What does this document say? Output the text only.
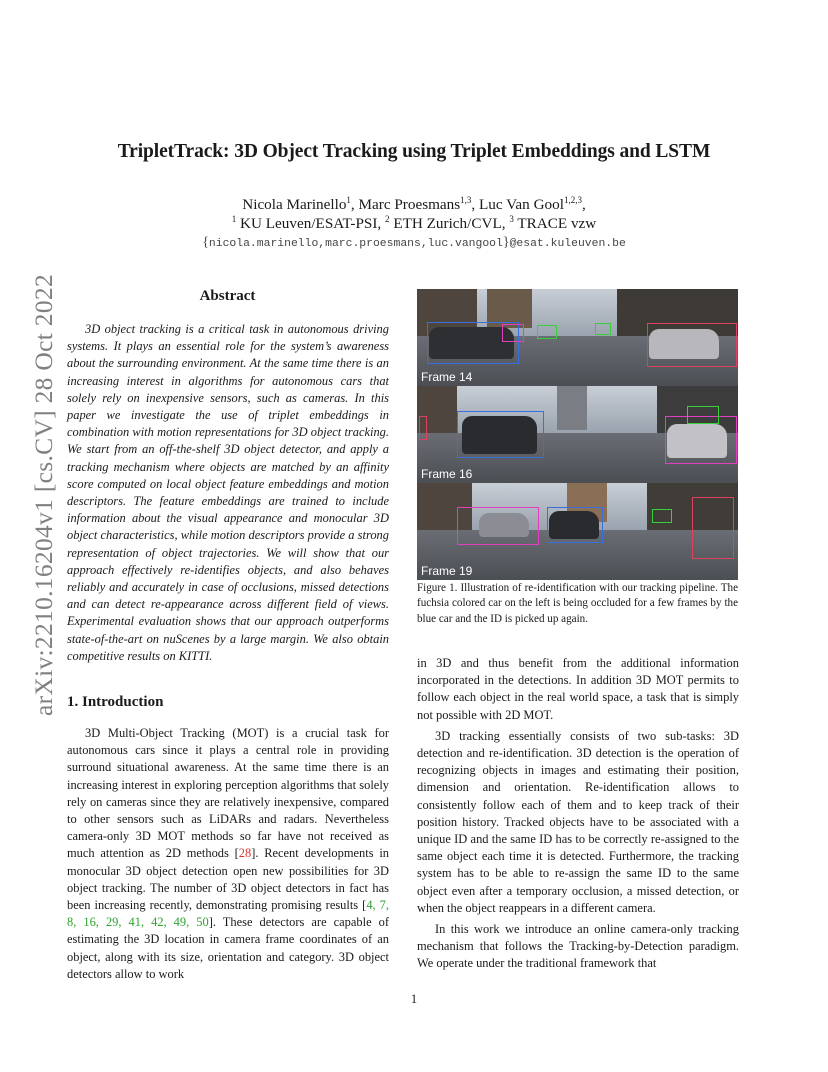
TripletTrack: 3D Object Tracking using Triplet Embeddings and LSTM
Nicola Marinello$^1$, Marc Proesmans$^{1,3}$, Luc Van Gool$^{1,2,3}$,
$^1$ KU Leuven/ESAT-PSI, $^2$ ETH Zurich/CVL, $^3$ TRACE vzw
{nicola.marinello,marc.proesmans,luc.vangool}@esat.kuleuven.be
arXiv:2210.16204v1 [cs.CV] 28 Oct 2022	Abstract

3D object tracking is a critical task in autonomous driving systems. It plays an essential role for the system’s awareness about the surrounding environment. At the same time there is an increasing interest in algorithms for autonomous cars that solely rely on inexpensive sensors, such as cameras. In this paper we investigate the use of triplet embeddings in combination with motion representations for 3D object tracking. We start from an off-the-shelf 3D object detector, and apply a tracking mechanism where objects are matched by an affinity score computed on local object feature embeddings and motion descriptors. The feature embeddings are trained to include information about the visual appearance and monocular 3D object characteristics, while motion descriptors provide a strong representation of object trajectories. We will show that our approach effectively re-identifies objects, and also behaves reliably and accurately in case of occlusions, missed detections and can detect re-appearance across different field of views. Experimental evaluation shows that our approach outperforms state-of-the-art on nuScenes by a large margin. We also obtain competitive results on KITTI.

1. Introduction

3D Multi-Object Tracking (MOT) is a crucial task for autonomous cars since it plays a central role in providing surround situational awareness. At the same time there is an increasing interest in exploring perception algorithms that solely rely on cameras since they are relatively inexpensive, compared to other sensors such as LiDARs and radars. Nevertheless camera-only 3D MOT methods so far have not received as much attention as 2D methods [28]. Recent developments in monocular 3D object detection open new possibilities for 3D object tracking. The number of 3D object detectors in fact has been increasing recently, demonstrating promising results [4, 7, 8, 16, 29, 41, 42, 49, 50]. These detectors are capable of estimating the 3D location in camera frame coordinates of an object, along with its size, orientation and category. 3D object detectors allow to work

Frame 14
Frame 16
Frame 19
Figure 1. Illustration of re-identification with our tracking pipeline. The fuchsia colored car on the left is being occluded for a few frames by the blue car and the ID is picked up again.

in 3D and thus benefit from the additional information incorporated in the detections. In addition 3D MOT permits to follow each object in the real world space, a task that is simply not possible with 2D MOT.

3D tracking essentially consists of two sub-tasks: 3D detection and re-identification. 3D detection is the operation of recognizing objects in images and estimating their position, dimension and orientation. Re-identification allows to consistently follow each of them and to keep track of their position history. Tracked objects have to be associated with a unique ID and the same ID has to be correctly re-assigned to the same object each time it is detected. Furthermore, the tracking system has to be able to re-assign the same ID to the same object even after a temporary occlusion, a missed detection, or when the object reappears in a different camera.

In this work we introduce an online camera-only tracking mechanism that follows the Tracking-by-Detection paradigm. We operate under the traditional framework that

1
